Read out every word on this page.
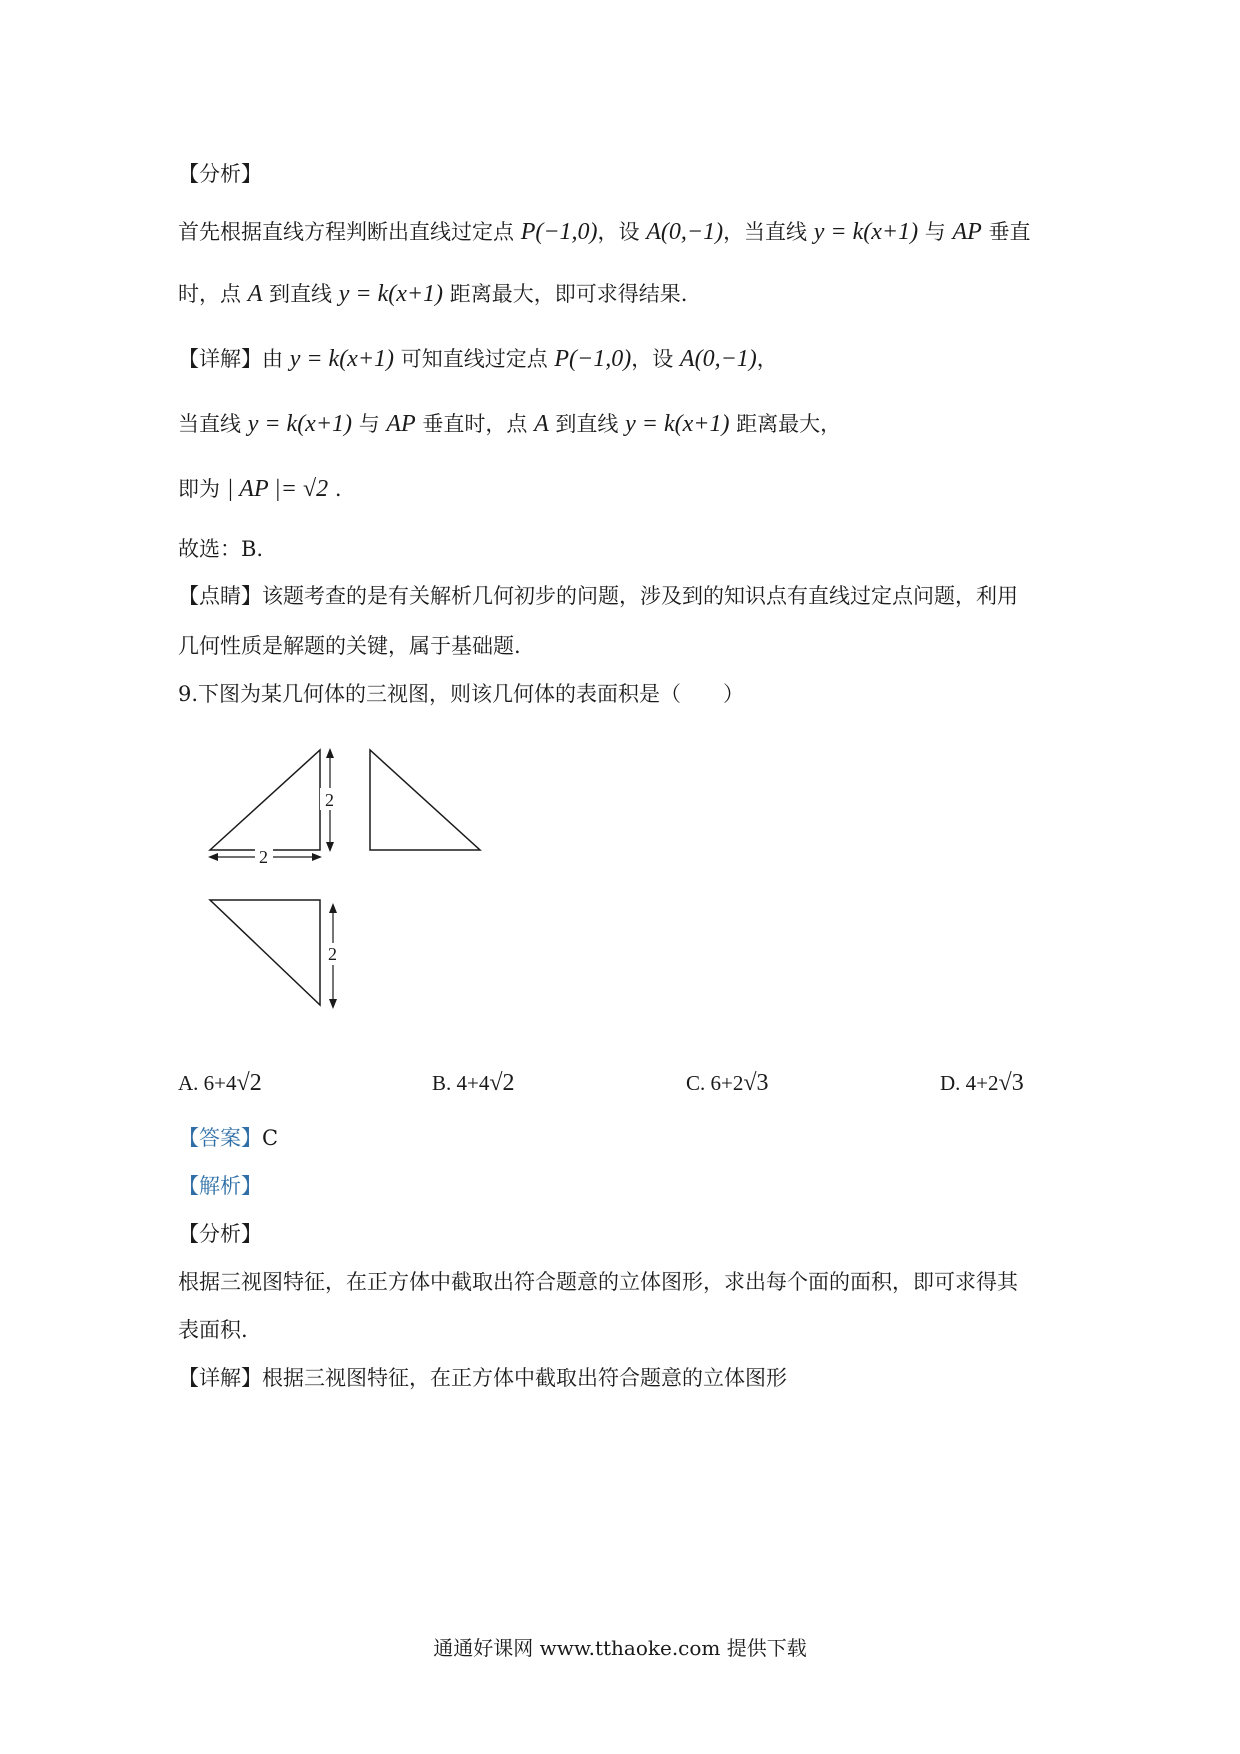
【分析】
首先根据直线方程判断出直线过定点 P(−1,0)，设 A(0,−1)，当直线 y = k(x+1) 与 AP 垂直
时，点 A 到直线 y = k(x+1) 距离最大，即可求得结果.
【详解】由 y = k(x+1) 可知直线过定点 P(−1,0)，设 A(0,−1)，
当直线 y = k(x+1) 与 AP 垂直时，点 A 到直线 y = k(x+1) 距离最大，
即为 | AP |= √2 .
故选：B.
【点睛】该题考查的是有关解析几何初步的问题，涉及到的知识点有直线过定点问题，利用
几何性质是解题的关键，属于基础题.
9.下图为某几何体的三视图，则该几何体的表面积是（　　）
2
2
2
A. 6+4√2	B. 4+4√2	C. 6+2√3	D. 4+2√3
【答案】C
【解析】
【分析】
根据三视图特征，在正方体中截取出符合题意的立体图形，求出每个面的面积，即可求得其
表面积.
【详解】根据三视图特征，在正方体中截取出符合题意的立体图形
通通好课网 www.tthaoke.com 提供下载
